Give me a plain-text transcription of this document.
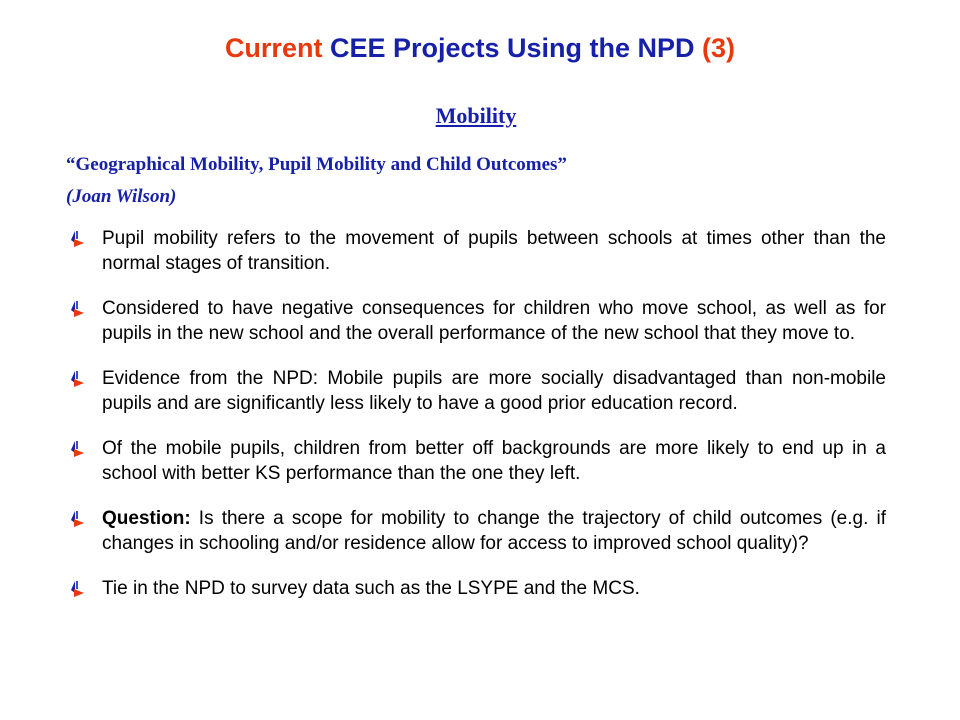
Current CEE Projects Using the NPD (3)
Mobility
“Geographical Mobility, Pupil Mobility and Child Outcomes”
(Joan Wilson)
Pupil mobility refers to the movement of pupils between schools at times other than the normal stages of transition.
Considered to have negative consequences for children who move school, as well as for pupils in the new school and the overall performance of the new school that they move to.
Evidence from the NPD: Mobile pupils are more socially disadvantaged than non-mobile pupils and are significantly less likely to have a good prior education record.
Of the mobile pupils, children from better off backgrounds are more likely to end up in a school with better KS performance than the one they left.
Question: Is there a scope for mobility to change the trajectory of child outcomes (e.g. if changes in schooling and/or residence allow for access to improved school quality)?
Tie in the NPD to survey data such as the LSYPE and the MCS.
